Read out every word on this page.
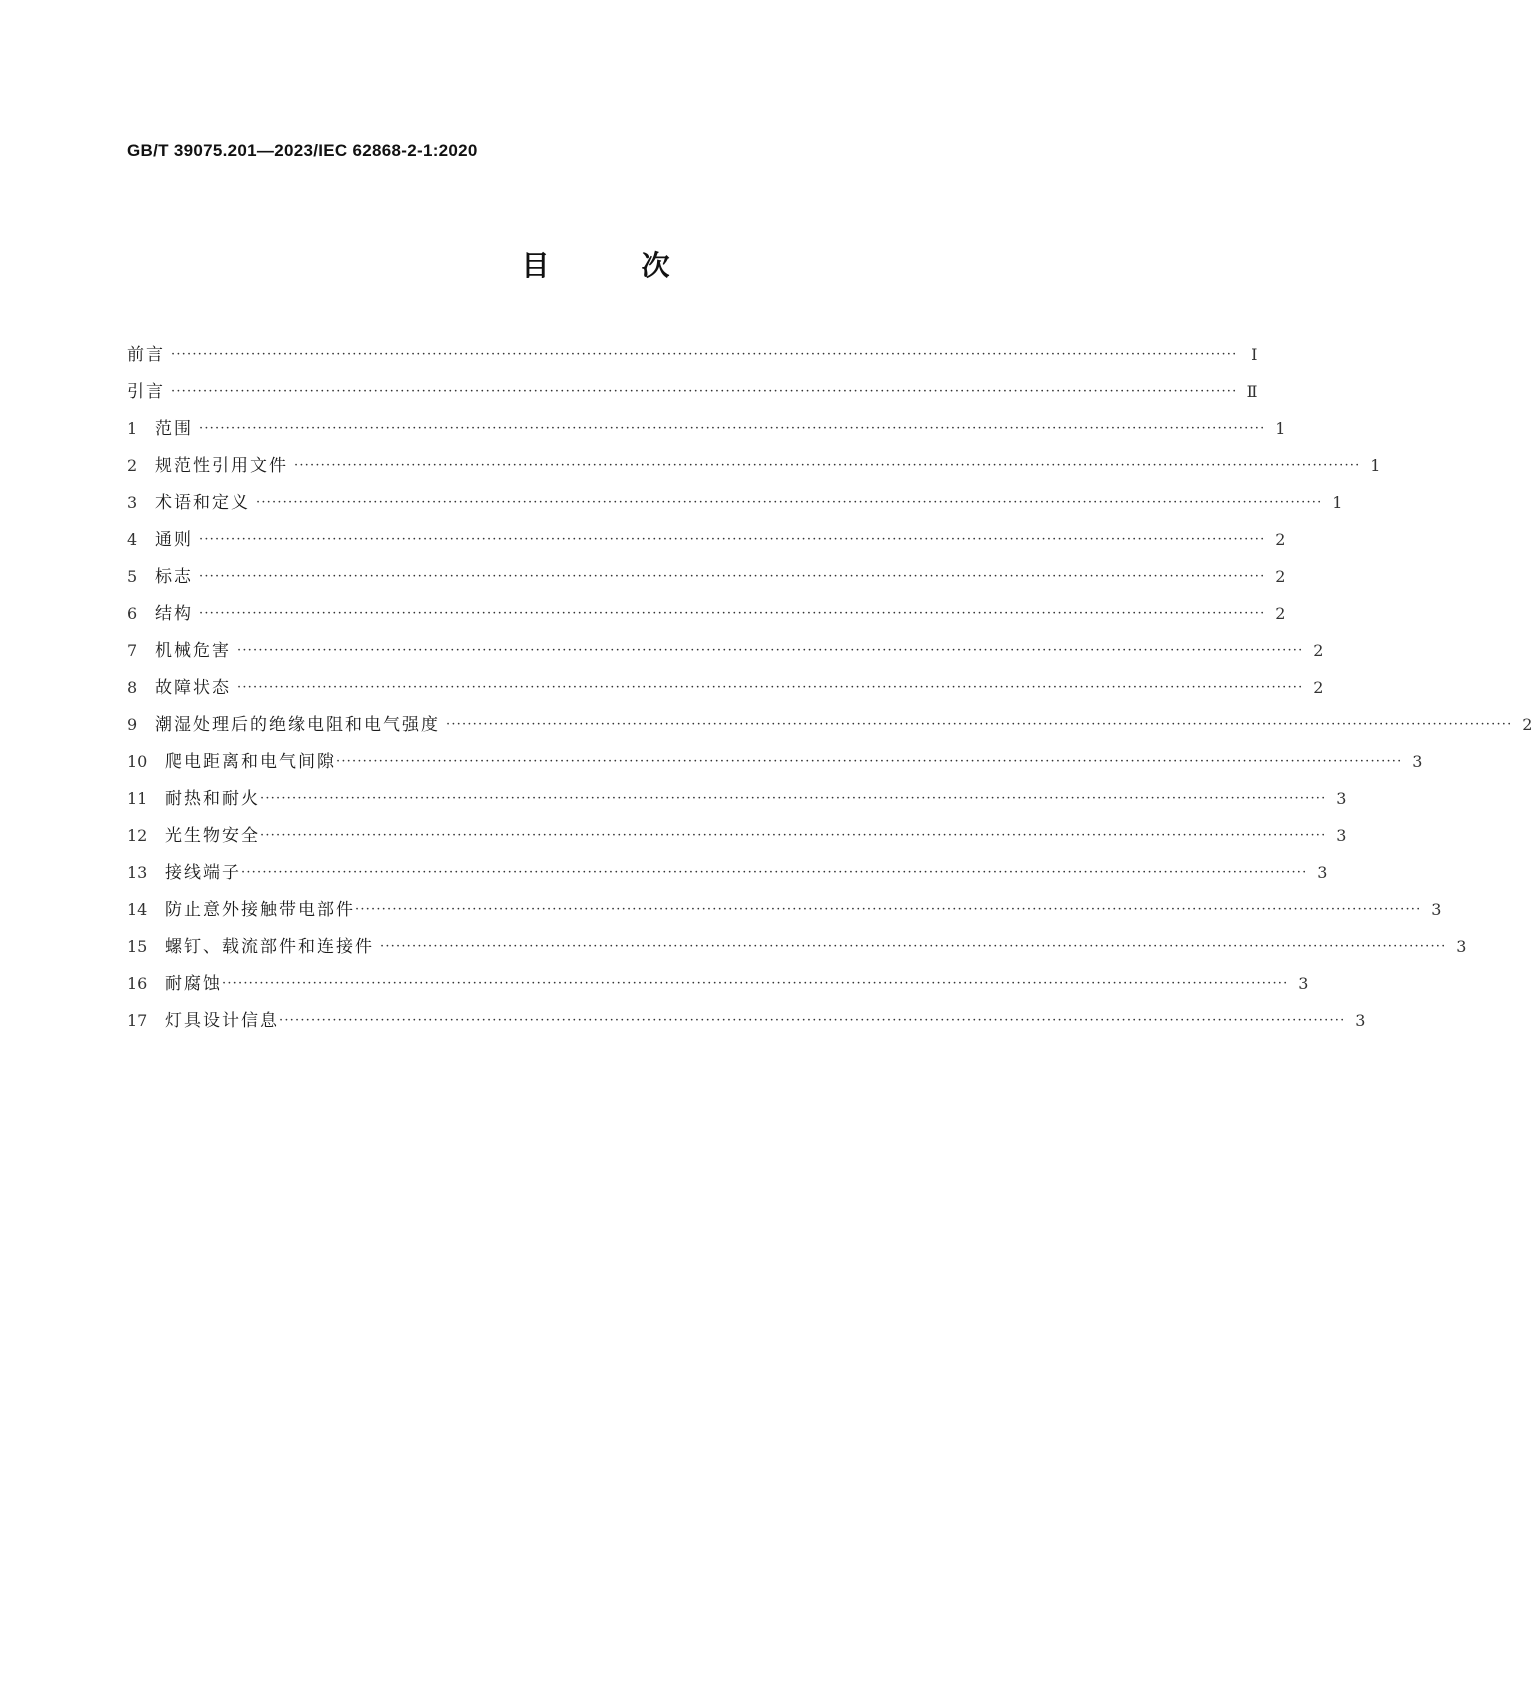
GB/T 39075.201—2023/IEC 62868-2-1:2020
目	次
前言 ········································································································································································································ Ⅰ
引言 ········································································································································································································ Ⅱ
1 范围 ········································································································································································································ 1
2 规范性引用文件 ········································································································································································································ 1
3 术语和定义 ········································································································································································································ 1
4 通则 ········································································································································································································ 2
5 标志 ········································································································································································································ 2
6 结构 ········································································································································································································ 2
7 机械危害 ········································································································································································································ 2
8 故障状态 ········································································································································································································ 2
9 潮湿处理后的绝缘电阻和电气强度 ········································································································································································································ 2
10 爬电距离和电气间隙 ········································································································································································································ 3
11 耐热和耐火 ········································································································································································································ 3
12 光生物安全 ········································································································································································································ 3
13 接线端子 ········································································································································································································ 3
14 防止意外接触带电部件 ········································································································································································································ 3
15 螺钉、载流部件和连接件 ········································································································································································································ 3
16 耐腐蚀 ········································································································································································································ 3
17 灯具设计信息 ········································································································································································································ 3
